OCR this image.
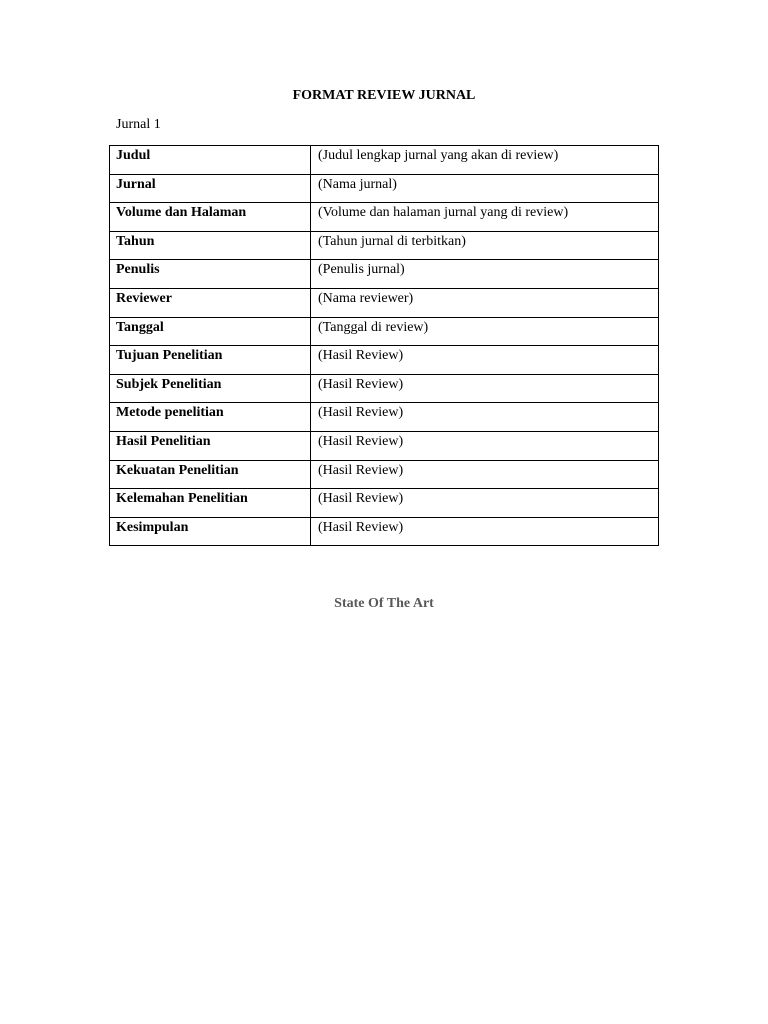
FORMAT REVIEW JURNAL
Jurnal 1
Judul	(Judul lengkap jurnal yang akan di review)
Jurnal	(Nama jurnal)
Volume dan Halaman	(Volume dan halaman jurnal yang di review)
Tahun	(Tahun jurnal di terbitkan)
Penulis	(Penulis jurnal)
Reviewer	(Nama reviewer)
Tanggal	(Tanggal di review)
Tujuan Penelitian	(Hasil Review)
Subjek Penelitian	(Hasil Review)
Metode penelitian	(Hasil Review)
Hasil Penelitian	(Hasil Review)
Kekuatan Penelitian	(Hasil Review)
Kelemahan Penelitian	(Hasil Review)
Kesimpulan	(Hasil Review)
State Of The Art
